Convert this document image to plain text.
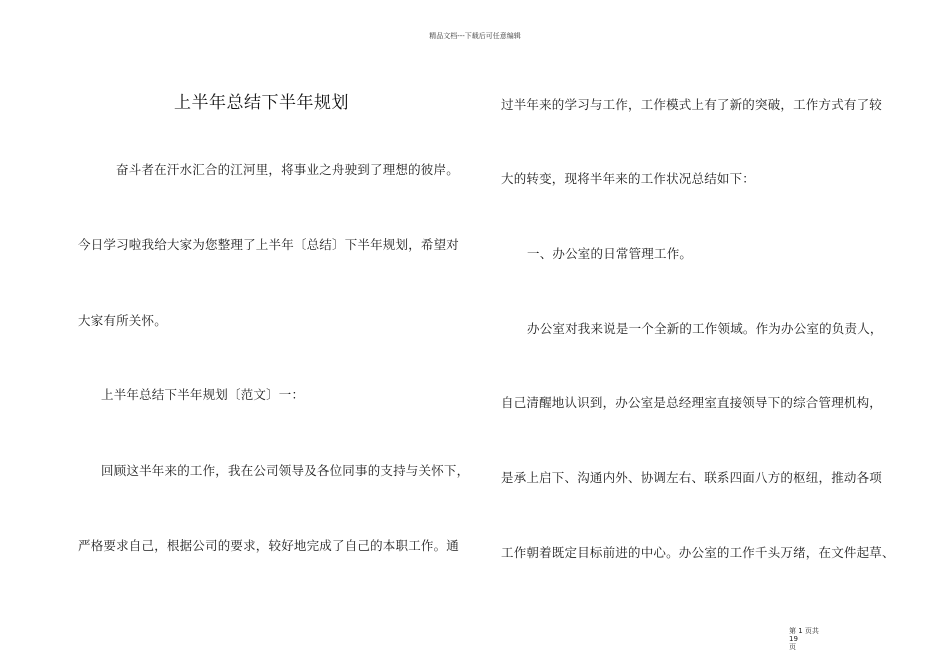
精品文档---下载后可任意编辑
上半年总结下半年规划
奋斗者在汗水汇合的江河里，将事业之舟驶到了理想的彼岸。
今日学习啦我给大家为您整理了上半年〔总结〕下半年规划，希望对
大家有所关怀。
上半年总结下半年规划〔范文〕一：
回顾这半年来的工作，我在公司领导及各位同事的支持与关怀下，
严格要求自己，根据公司的要求，较好地完成了自己的本职工作。通
过半年来的学习与工作，工作模式上有了新的突破，工作方式有了较
大的转变，现将半年来的工作状况总结如下：
一、办公室的日常管理工作。
办公室对我来说是一个全新的工作领域。作为办公室的负责人，
自己清醒地认识到，办公室是总经理室直接领导下的综合管理机构，
是承上启下、沟通内外、协调左右、联系四面八方的枢纽，推动各项
工作朝着既定目标前进的中心。办公室的工作千头万绪，在文件起草、
第 1 页共 19
页
